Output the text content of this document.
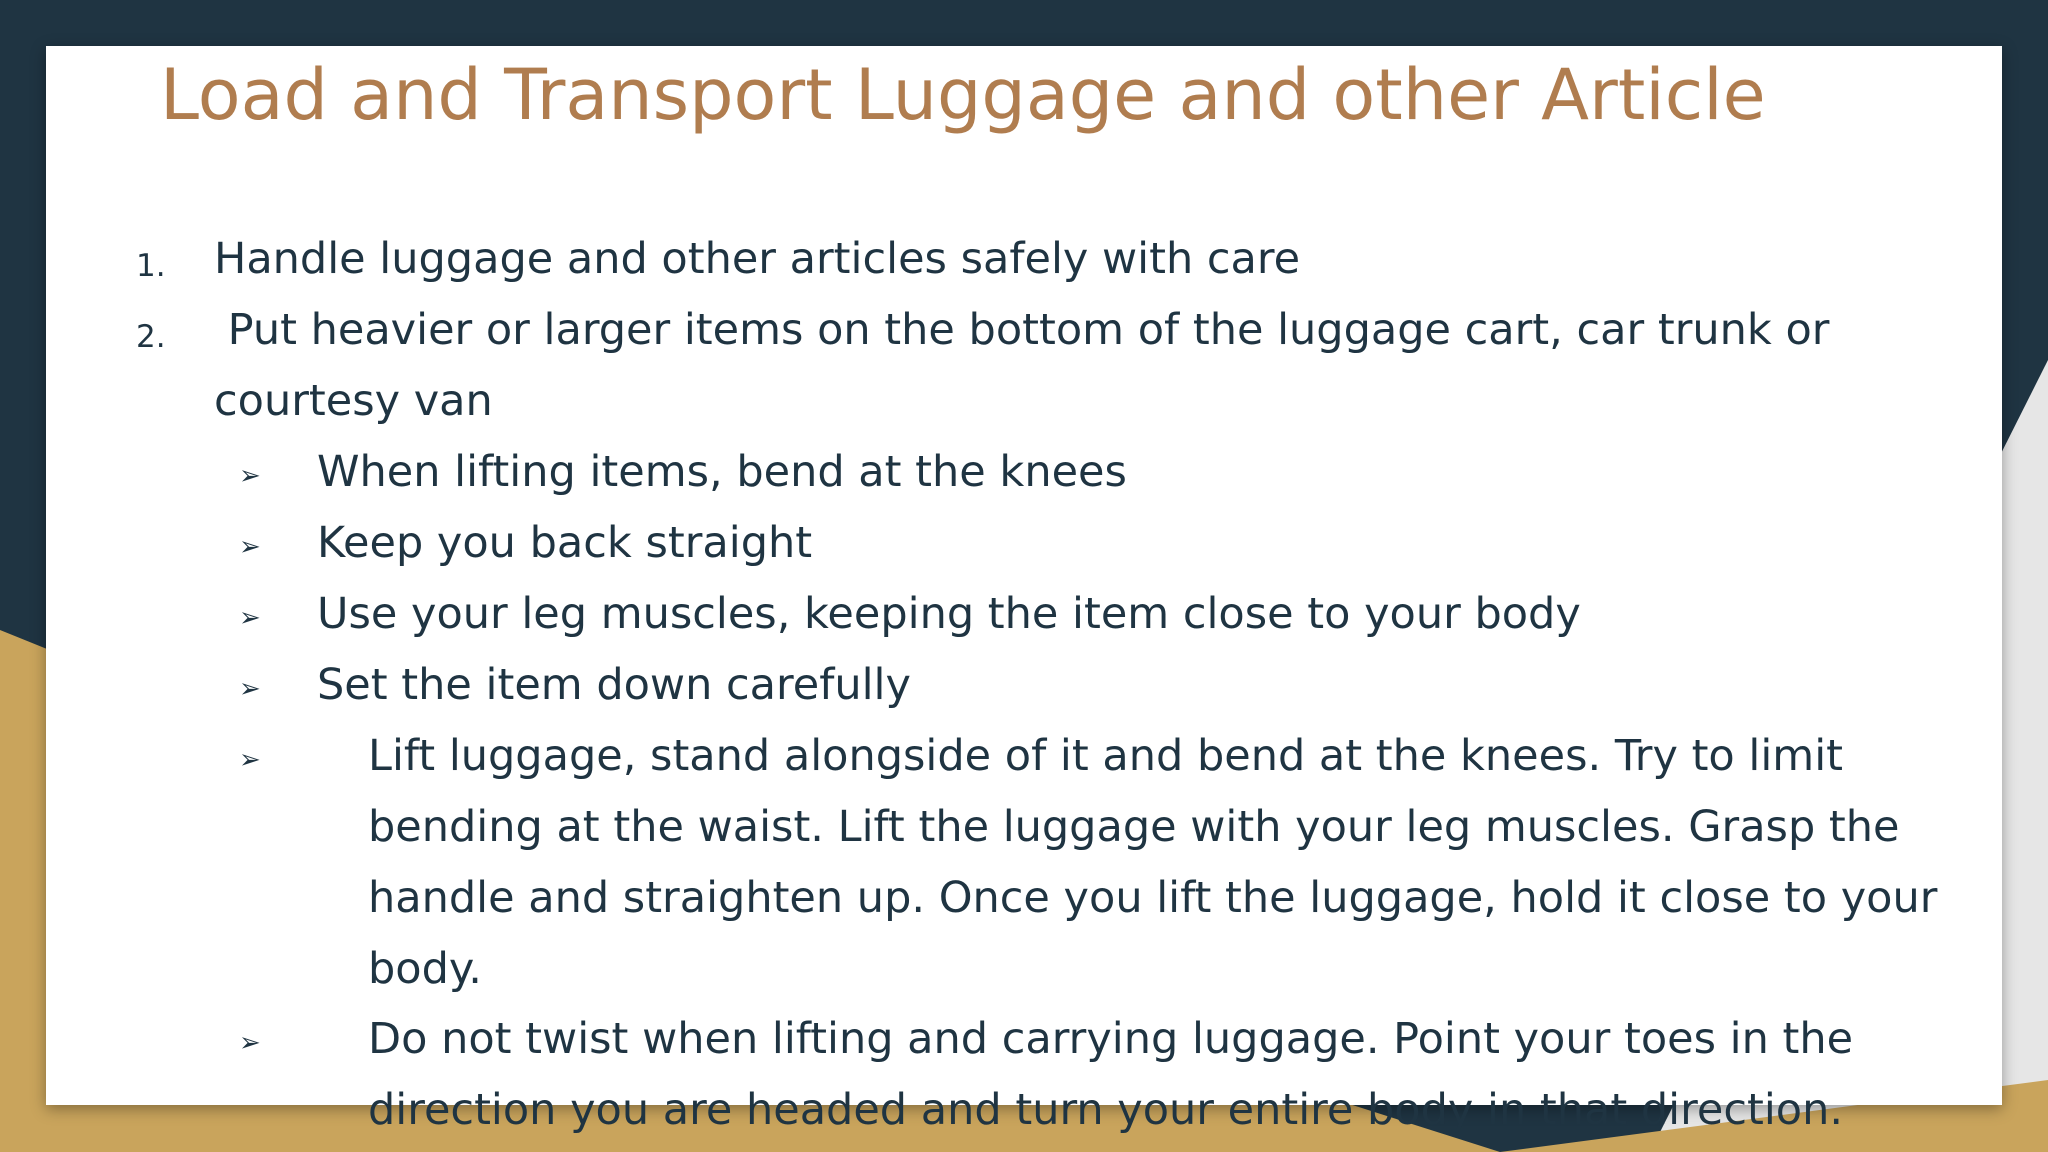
Load and Transport Luggage and other Article
1. Handle luggage and other articles safely with care
2. Put heavier or larger items on the bottom of the luggage cart, car trunk or
courtesy van
➢ When lifting items, bend at the knees
➢ Keep you back straight
➢ Use your leg muscles, keeping the item close to your body
➢ Set the item down carefully
➢ Lift luggage, stand alongside of it and bend at the knees. Try to limit
bending at the waist. Lift the luggage with your leg muscles. Grasp the
handle and straighten up. Once you lift the luggage, hold it close to your
body.
➢ Do not twist when lifting and carrying luggage. Point your toes in the
direction you are headed and turn your entire body in that direction.
